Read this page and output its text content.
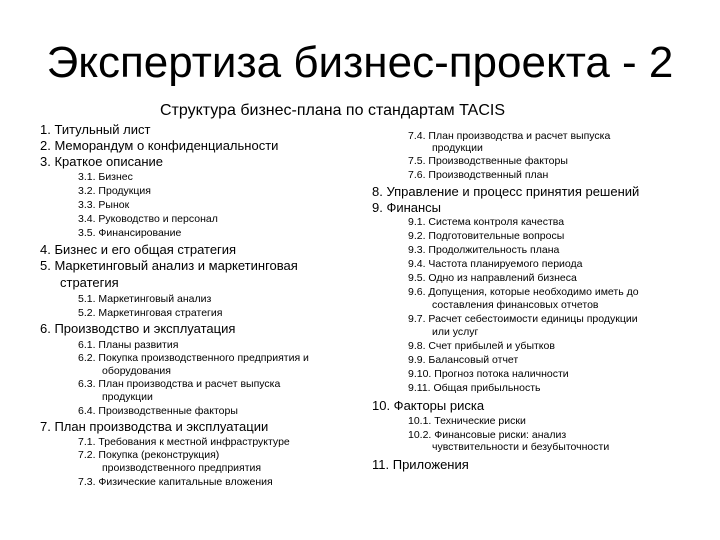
Экспертиза бизнес-проекта - 2
Структура бизнес-плана по стандартам TACIS
1. Титульный лист
2. Меморандум о конфиденциальности
3. Краткое описание
3.1. Бизнес
3.2. Продукция
3.3. Рынок
3.4. Руководство и персонал
3.5. Финансирование
4. Бизнес и его общая стратегия
5. Маркетинговый анализ и маркетинговая
стратегия
5.1. Маркетинговый анализ
5.2. Маркетинговая стратегия
6. Производство и эксплуатация
6.1. Планы развития
6.2. Покупка производственного предприятия и
оборудования
6.3. План производства и расчет выпуска
продукции
6.4. Производственные факторы
7. План производства и эксплуатации
7.1. Требования к местной инфраструктуре
7.2. Покупка (реконструкция)
производственного предприятия
7.3. Физические капитальные вложения
7.4. План производства и расчет выпуска
продукции
7.5. Производственные факторы
7.6. Производственный план
8. Управление и процесс принятия решений
9. Финансы
9.1. Система контроля качества
9.2. Подготовительные вопросы
9.3. Продолжительность плана
9.4. Частота планируемого периода
9.5. Одно из направлений бизнеса
9.6. Допущения, которые необходимо иметь до
составления финансовых отчетов
9.7. Расчет себестоимости единицы продукции
или услуг
9.8. Счет прибылей и убытков
9.9. Балансовый отчет
9.10. Прогноз потока наличности
9.11. Общая прибыльность
10. Факторы риска
10.1. Технические риски
10.2. Финансовые риски: анализ
чувствительности и безубыточности
11. Приложения
